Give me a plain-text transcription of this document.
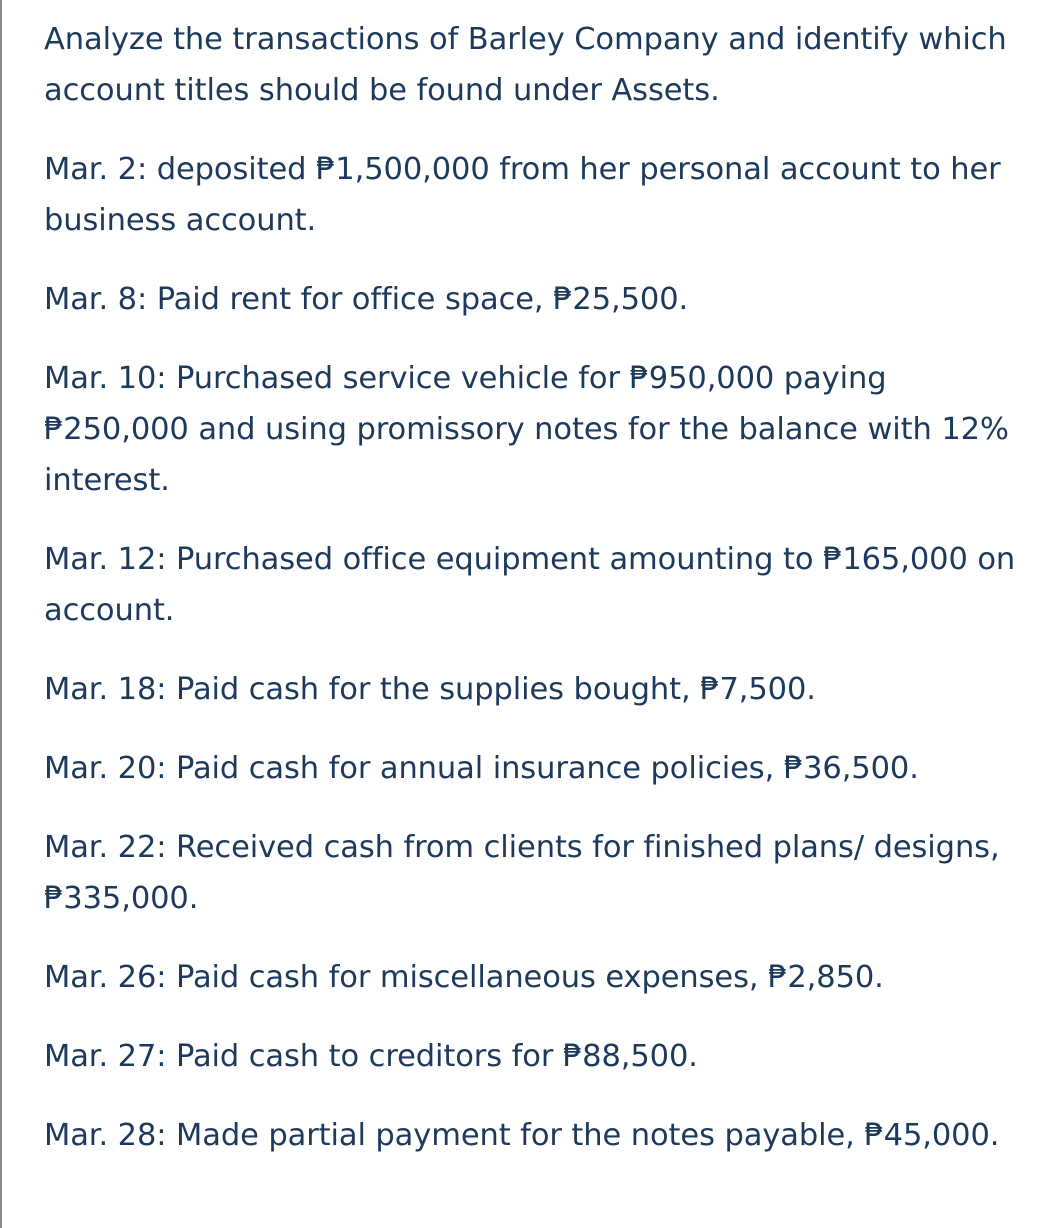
Analyze the transactions of Barley Company and identify which account titles should be found under Assets.

Mar. 2: deposited ₱1,500,000 from her personal account to her business account.

Mar. 8: Paid rent for office space, ₱25,500.

Mar. 10: Purchased service vehicle for ₱950,000 paying ₱250,000 and using promissory notes for the balance with 12% interest.

Mar. 12: Purchased office equipment amounting to ₱165,000 on account.

Mar. 18: Paid cash for the supplies bought, ₱7,500.

Mar. 20: Paid cash for annual insurance policies, ₱36,500.

Mar. 22: Received cash from clients for finished plans/ designs, ₱335,000.

Mar. 26: Paid cash for miscellaneous expenses, ₱2,850.

Mar. 27: Paid cash to creditors for ₱88,500.

Mar. 28: Made partial payment for the notes payable, ₱45,000.
